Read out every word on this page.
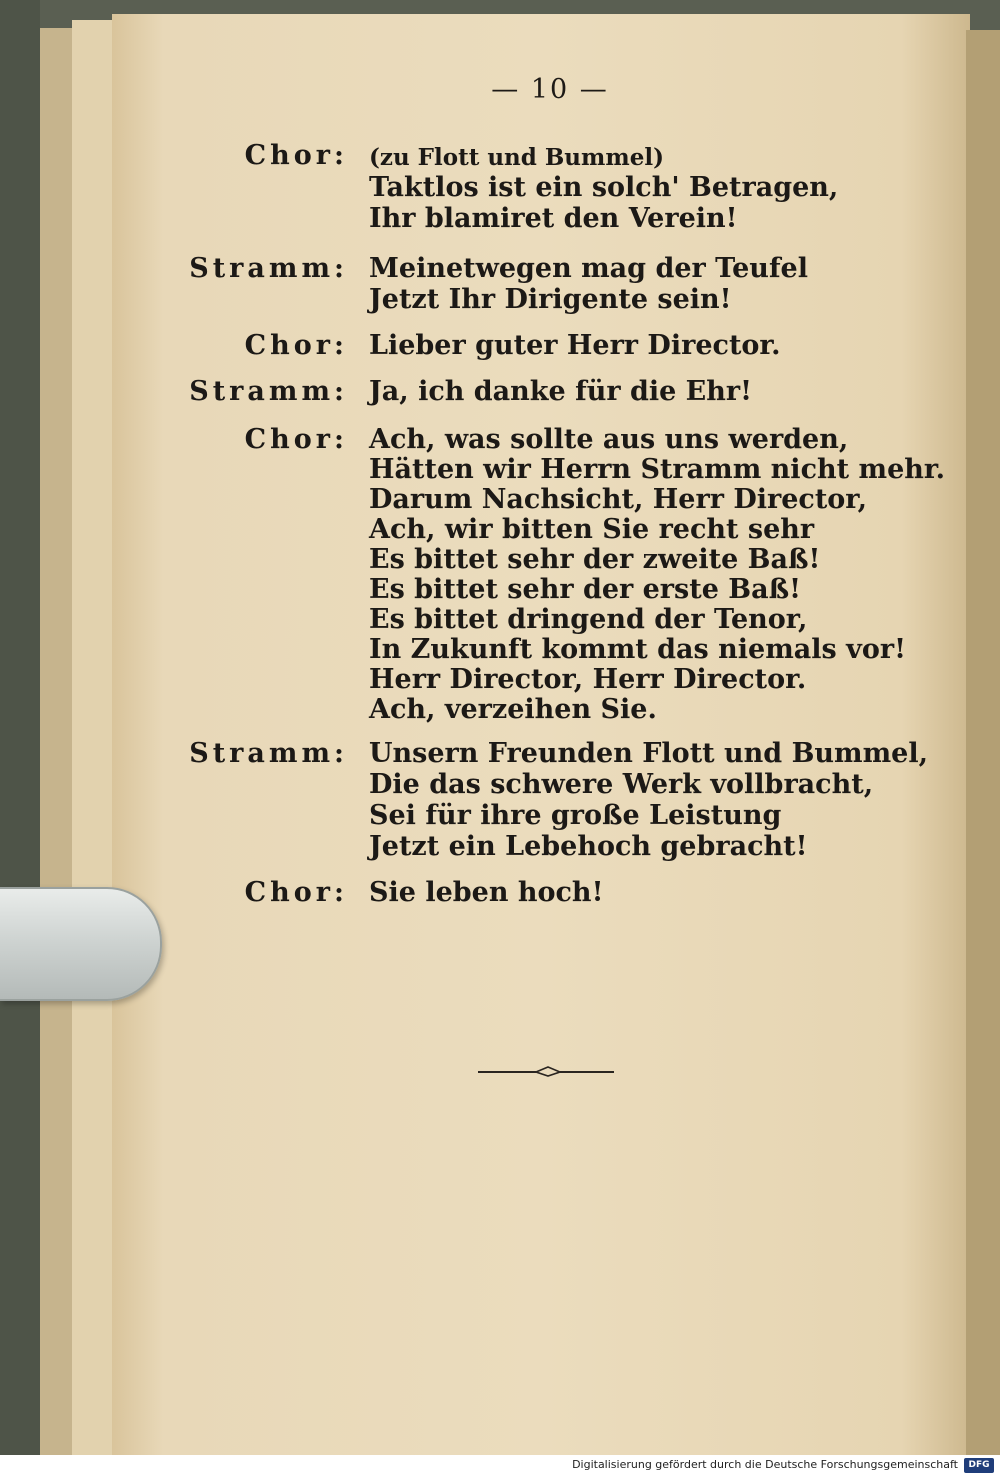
— 10 —
Chor: (zu Flott und Bummel)
Taktlos ist ein solch' Betragen,
Ihr blamiret den Verein!
Stramm: Meinetwegen mag der Teufel
Jetzt Ihr Dirigente sein!
Chor: Lieber guter Herr Director.
Stramm: Ja, ich danke für die Ehr!
Chor: Ach, was sollte aus uns werden,
Hätten wir Herrn Stramm nicht mehr.
Darum Nachsicht, Herr Director,
Ach, wir bitten Sie recht sehr
Es bittet sehr der zweite Baß!
Es bittet sehr der erste Baß!
Es bittet dringend der Tenor,
In Zukunft kommt das niemals vor!
Herr Director, Herr Director.
Ach, verzeihen Sie.
Stramm: Unsern Freunden Flott und Bummel,
Die das schwere Werk vollbracht,
Sei für ihre große Leistung
Jetzt ein Lebehoch gebracht!
Chor: Sie leben hoch!
Digitalisierung gefördert durch die Deutsche Forschungsgemeinschaft	DFG
